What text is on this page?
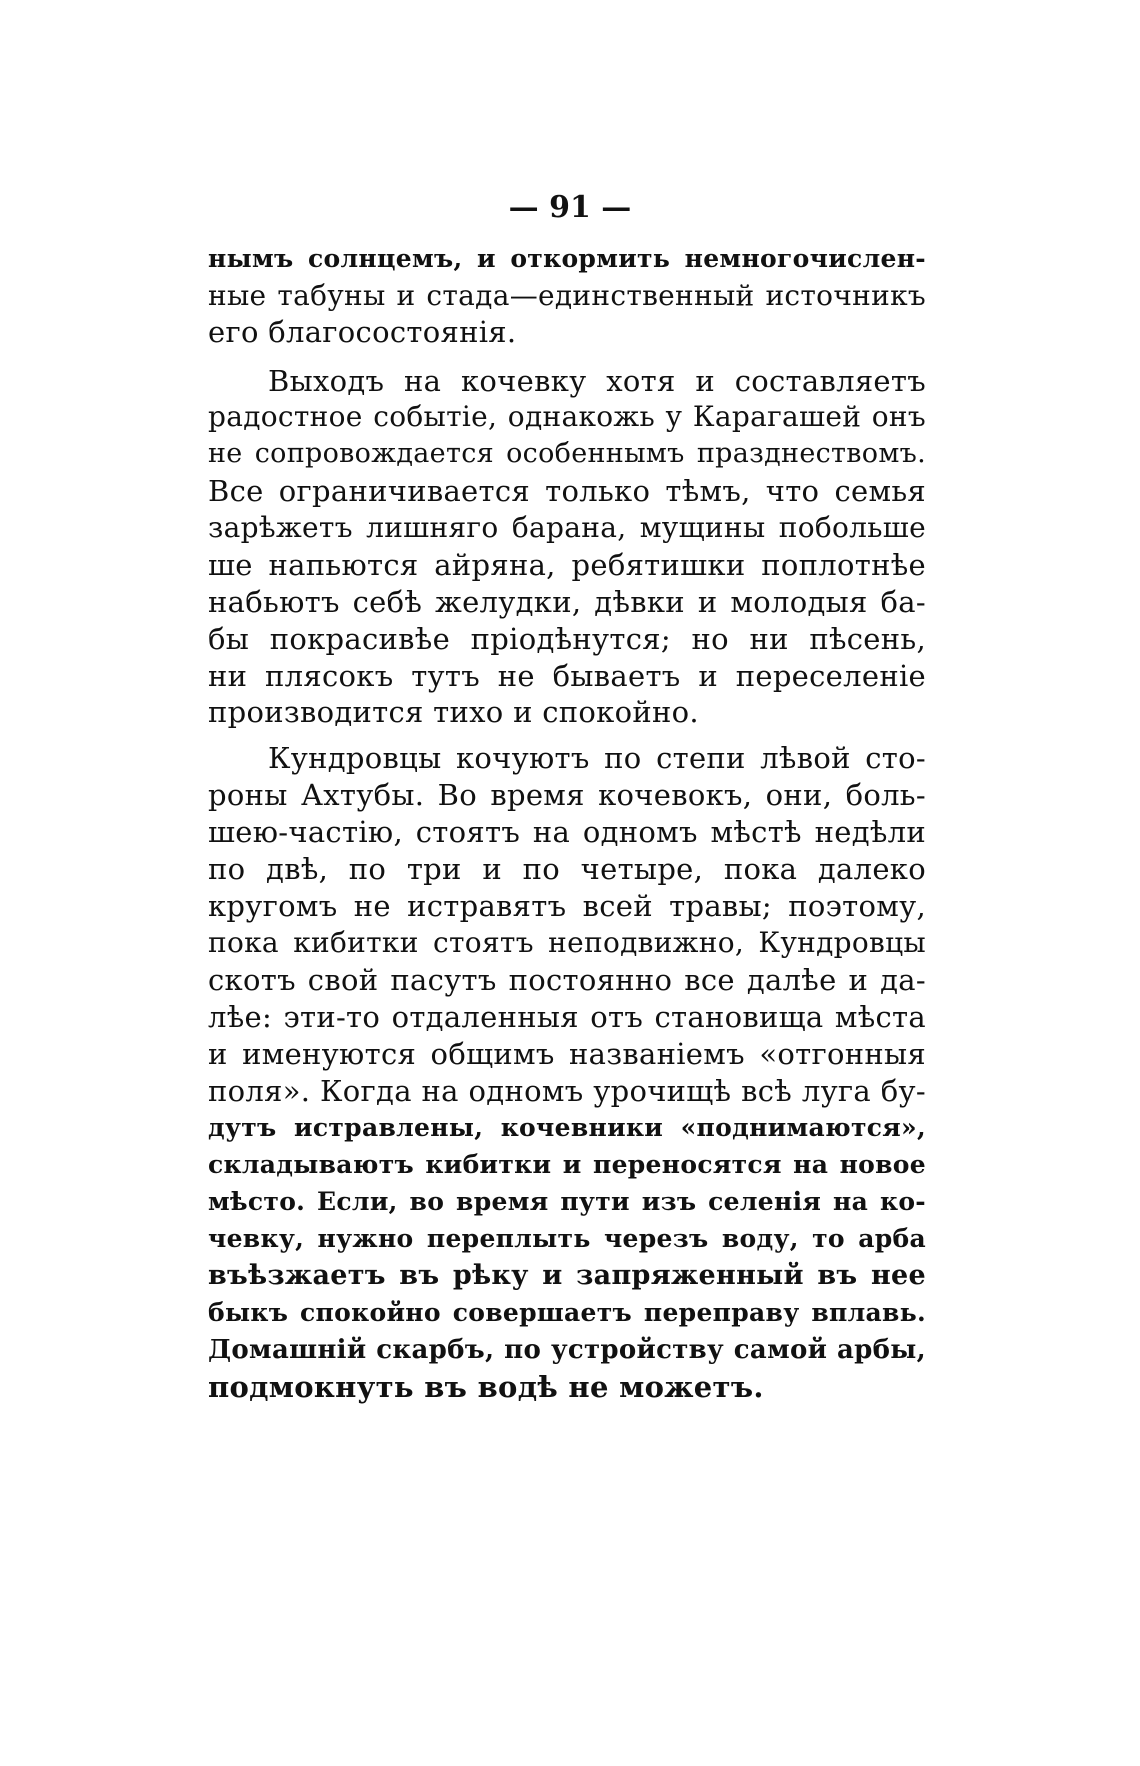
— 91 —
нымъ солнцемъ, и откормить немногочислен-
ные табуны и стада—единственный источникъ
его благосостоянія.
Выходъ на кочевку хотя и составляетъ
радостное событіе, однакожь у Карагашей онъ
не сопровождается особеннымъ празднествомъ.
Все ограничивается только тѣмъ, что семья
зарѣжетъ лишняго барана, мущины побольше
ше напьются айряна, ребятишки поплотнѣе
набьютъ себѣ желудки, дѣвки и молодыя ба-
бы покрасивѣе пріодѣнутся; но ни пѣсень,
ни плясокъ тутъ не бываетъ и переселеніе
производится тихо и спокойно.
Кундровцы кочуютъ по степи лѣвой сто-
роны Ахтубы. Во время кочевокъ, они, боль-
шею-частію, стоятъ на одномъ мѣстѣ недѣли
по двѣ, по три и по четыре, пока далеко
кругомъ не истравятъ всей травы; поэтому,
пока кибитки стоятъ неподвижно, Кундровцы
скотъ свой пасутъ постоянно все далѣе и да-
лѣе: эти-то отдаленныя отъ становища мѣста
и именуются общимъ названіемъ «отгонныя
поля». Когда на одномъ урочищѣ всѣ луга бу-
дутъ истравлены, кочевники «поднимаются»,
складываютъ кибитки и переносятся на новое
мѣсто. Если, во время пути изъ селенія на ко-
чевку, нужно переплыть черезъ воду, то арба
въѣзжаетъ въ рѣку и запряженный въ нее
быкъ спокойно совершаетъ переправу вплавь.
Домашній скарбъ, по устройству самой арбы,
подмокнуть въ водѣ не можетъ.
